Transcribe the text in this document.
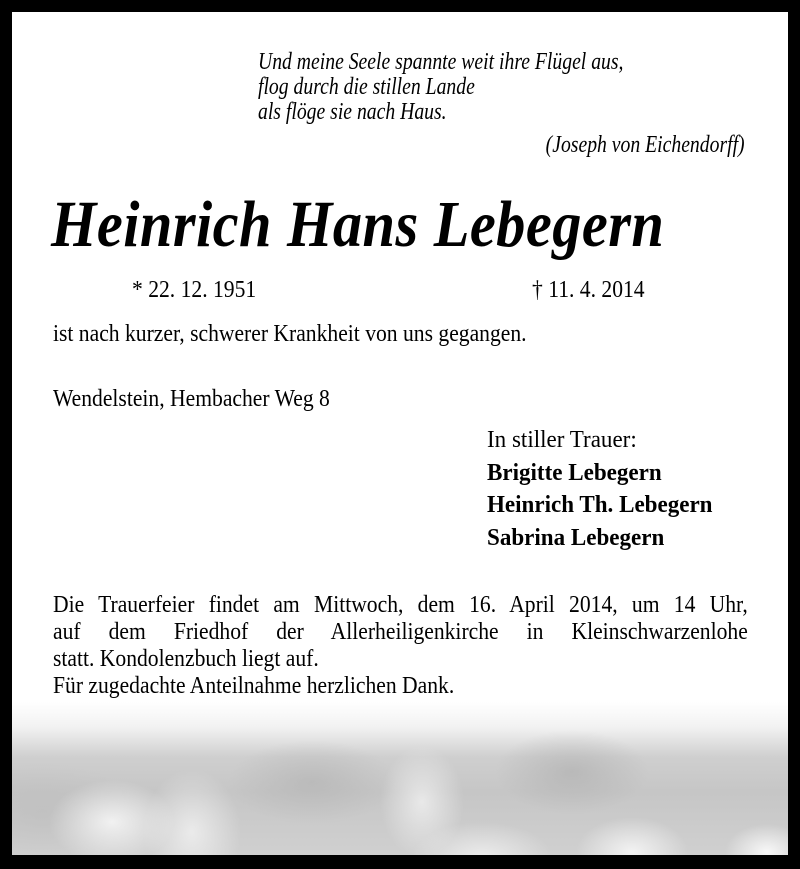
Und meine Seele spannte weit ihre Flügel aus,
flog durch die stillen Lande
als flöge sie nach Haus.
(Joseph von Eichendorff)
Heinrich Hans Lebegern
* 22. 12. 1951	† 11. 4. 2014
ist nach kurzer, schwerer Krankheit von uns gegangen.
Wendelstein, Hembacher Weg 8
In stiller Trauer:
Brigitte Lebegern
Heinrich Th. Lebegern
Sabrina Lebegern
Die Trauerfeier findet am Mittwoch, dem 16. April 2014, um 14 Uhr,
auf dem Friedhof der Allerheiligenkirche in Kleinschwarzenlohe
statt. Kondolenzbuch liegt auf.
Für zugedachte Anteilnahme herzlichen Dank.
